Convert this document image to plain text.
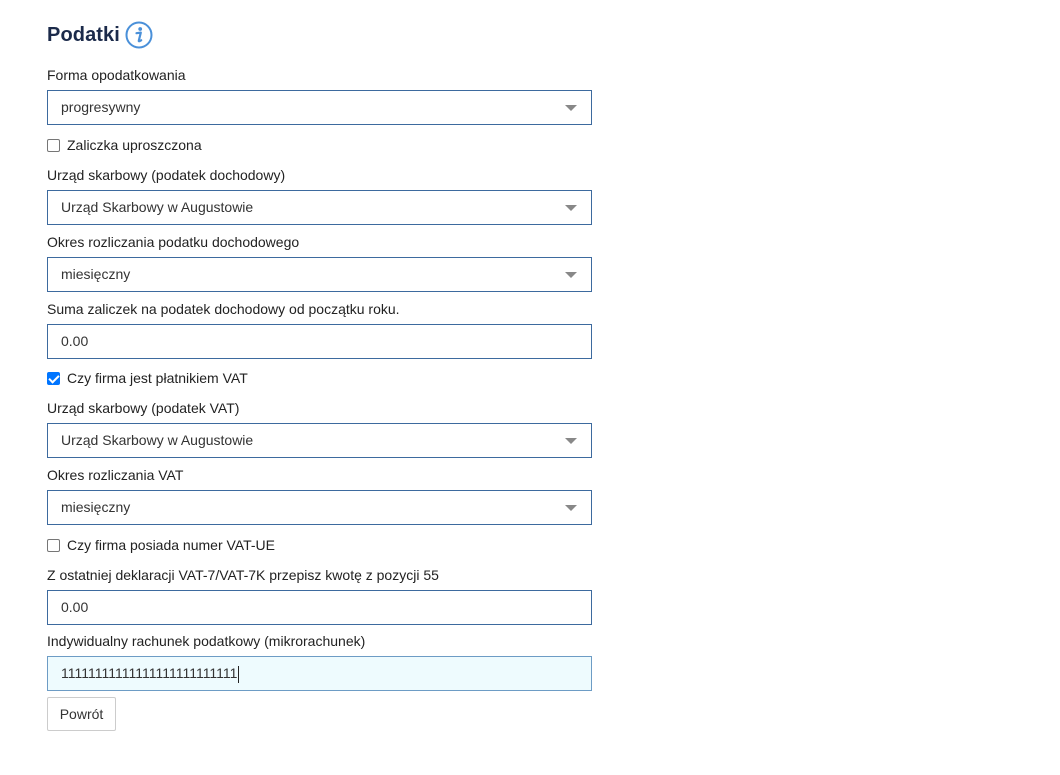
Podatki
Forma opodatkowania
progresywny
Zaliczka uproszczona
Urząd skarbowy (podatek dochodowy)
Urząd Skarbowy w Augustowie
Okres rozliczania podatku dochodowego
miesięczny
Suma zaliczek na podatek dochodowy od początku roku.
0.00
Czy firma jest płatnikiem VAT
Urząd skarbowy (podatek VAT)
Urząd Skarbowy w Augustowie
Okres rozliczania VAT
miesięczny
Czy firma posiada numer VAT-UE
Z ostatniej deklaracji VAT-7/VAT-7K przepisz kwotę z pozycji 55
0.00
Indywidualny rachunek podatkowy (mikrorachunek)
11111111111111111111111111
Powrót
